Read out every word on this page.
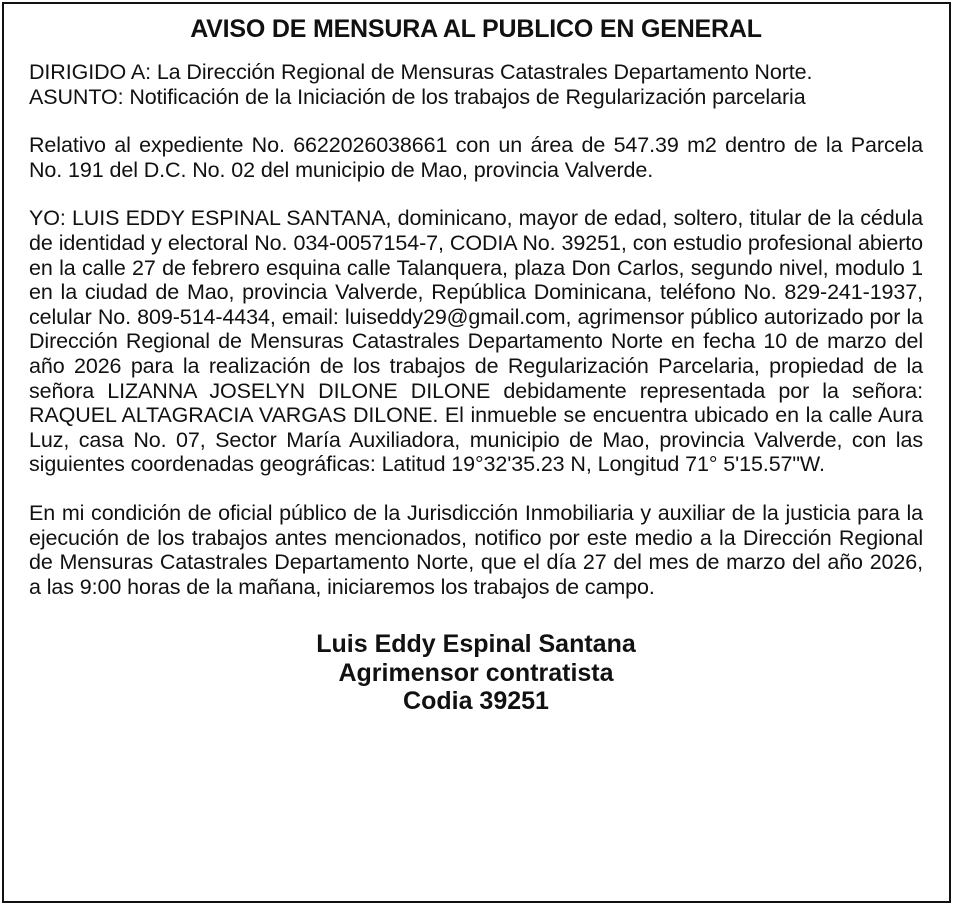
AVISO DE MENSURA AL PUBLICO EN GENERAL

DIRIGIDO A: La Dirección Regional de Mensuras Catastrales Departamento Norte.

ASUNTO: Notificación de la Iniciación de los trabajos de Regularización parcelaria

Relativo al expediente No. 6622026038661 con un área de 547.39 m2 dentro de la Parcela No. 191 del D.C. No. 02 del municipio de Mao, provincia Valverde.

YO: LUIS EDDY ESPINAL SANTANA, dominicano, mayor de edad, soltero, titular de la cédula de identidad y electoral No. 034-0057154-7, CODIA No. 39251, con estudio profesional abierto en la calle 27 de febrero esquina calle Talanquera, plaza Don Carlos, segundo nivel, modulo 1 en la ciudad de Mao, provincia Valverde, República Dominicana, teléfono No. 829-241-1937, celular No. 809-514-4434, email: luiseddy29@gmail.com, agrimensor público autorizado por la Dirección Regional de Mensuras Catastrales Departamento Norte en fecha 10 de marzo del año 2026 para la realización de los trabajos de Regularización Parcelaria, propiedad de la señora LIZANNA JOSELYN DILONE DILONE debidamente representada por la señora: RAQUEL ALTAGRACIA VARGAS DILONE. El inmueble se encuentra ubicado en la calle Aura Luz, casa No. 07, Sector María Auxiliadora, municipio de Mao, provincia Valverde, con las siguientes coordenadas geográficas: Latitud 19°32'35.23 N, Longitud 71° 5'15.57"W.

En mi condición de oficial público de la Jurisdicción Inmobiliaria y auxiliar de la justicia para la ejecución de los trabajos antes mencionados, notifico por este medio a la Dirección Regional de Mensuras Catastrales Departamento Norte, que el día 27 del mes de marzo del año 2026, a las 9:00 horas de la mañana, iniciaremos los trabajos de campo.

Luis Eddy Espinal Santana
Agrimensor contratista
Codia 39251
